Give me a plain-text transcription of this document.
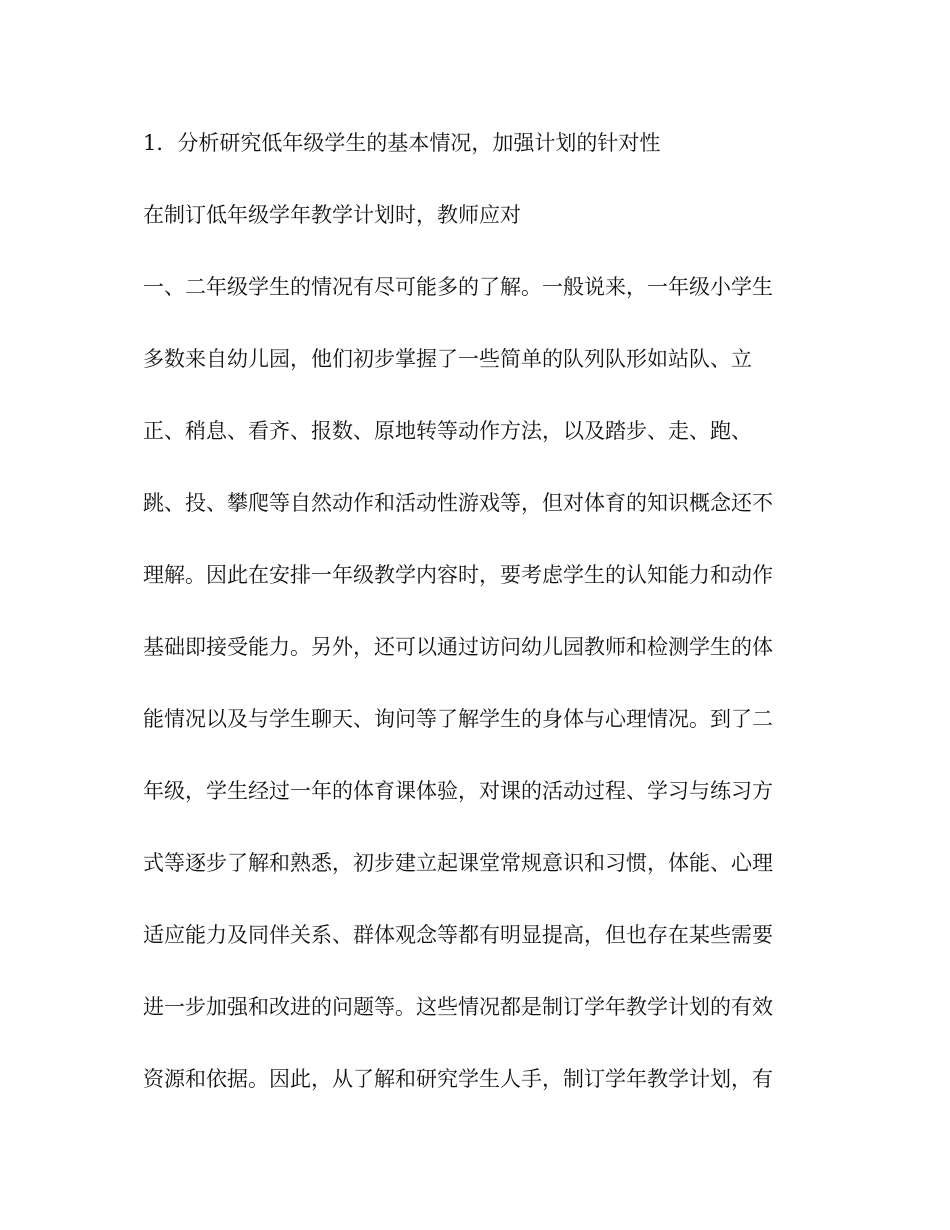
1．分析研究低年级学生的基本情况，加强计划的针对性
在制订低年级学年教学计划时，教师应对
一、二年级学生的情况有尽可能多的了解。一般说来，一年级小学生
多数来自幼儿园，他们初步掌握了一些简单的队列队形如站队、立
正、稍息、看齐、报数、原地转等动作方法，以及踏步、走、跑、
跳、投、攀爬等自然动作和活动性游戏等，但对体育的知识概念还不
理解。因此在安排一年级教学内容时，要考虑学生的认知能力和动作
基础即接受能力。另外，还可以通过访问幼儿园教师和检测学生的体
能情况以及与学生聊天、询问等了解学生的身体与心理情况。到了二
年级，学生经过一年的体育课体验，对课的活动过程、学习与练习方
式等逐步了解和熟悉，初步建立起课堂常规意识和习惯，体能、心理
适应能力及同伴关系、群体观念等都有明显提高，但也存在某些需要
进一步加强和改进的问题等。这些情况都是制订学年教学计划的有效
资源和依据。因此，从了解和研究学生人手，制订学年教学计划，有
